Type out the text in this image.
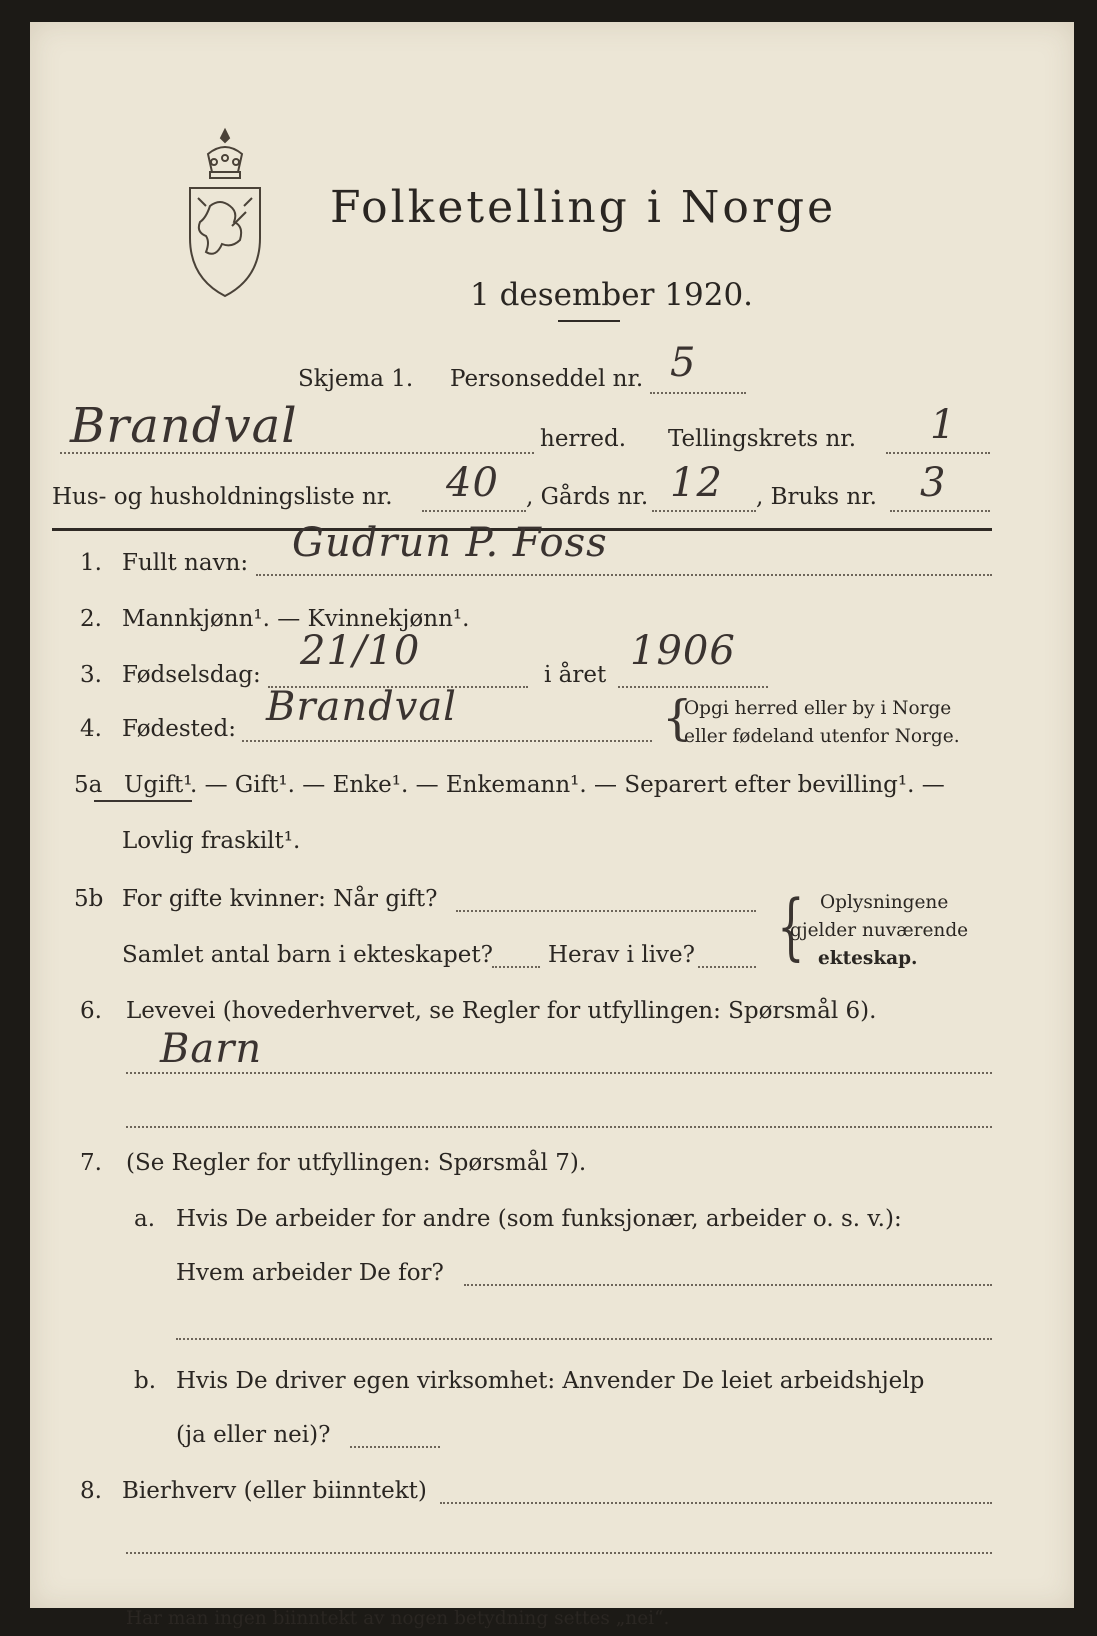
Folketelling i Norge
1 desember 1920.
Skjema 1. Personseddel nr. 5
Brandval	herred. Tellingskrets nr. 1
Hus- og husholdningsliste nr. 40 , Gårds nr. 12 , Bruks nr. 3
1. Fullt navn: Gudrun P. Foss
2. Mannkjønn¹. — Kvinnekjønn¹.
3. Fødselsdag:
21/10
i året
1906
4. Fødested: Brandval	{
Opgi herred eller by i Norge
eller fødeland utenfor Norge.
5a Ugift¹
. — Gift¹. — Enke¹. — Enkemann¹. — Separert efter bevilling¹. —
Lovlig fraskilt¹.
5b For gifte kvinner: Når gift?
Samlet antal barn i ekteskapet? Herav i live? { Oplysningene
gjelder nuværende
ekteskap.
6. Levevei (hovederhvervet, se Regler for utfyllingen: Spørsmål 6).
Barn
7. (Se Regler for utfyllingen: Spørsmål 7).
a. Hvis De arbeider for andre (som funksjonær, arbeider o. s. v.):
Hvem arbeider De for?
b. Hvis De driver egen virksomhet: Anvender De leiet arbeidshjelp
(ja eller nei)?
8. Bierhverv (eller biinntekt)
Har man ingen biinntekt av nogen betydning settes „nei“.
